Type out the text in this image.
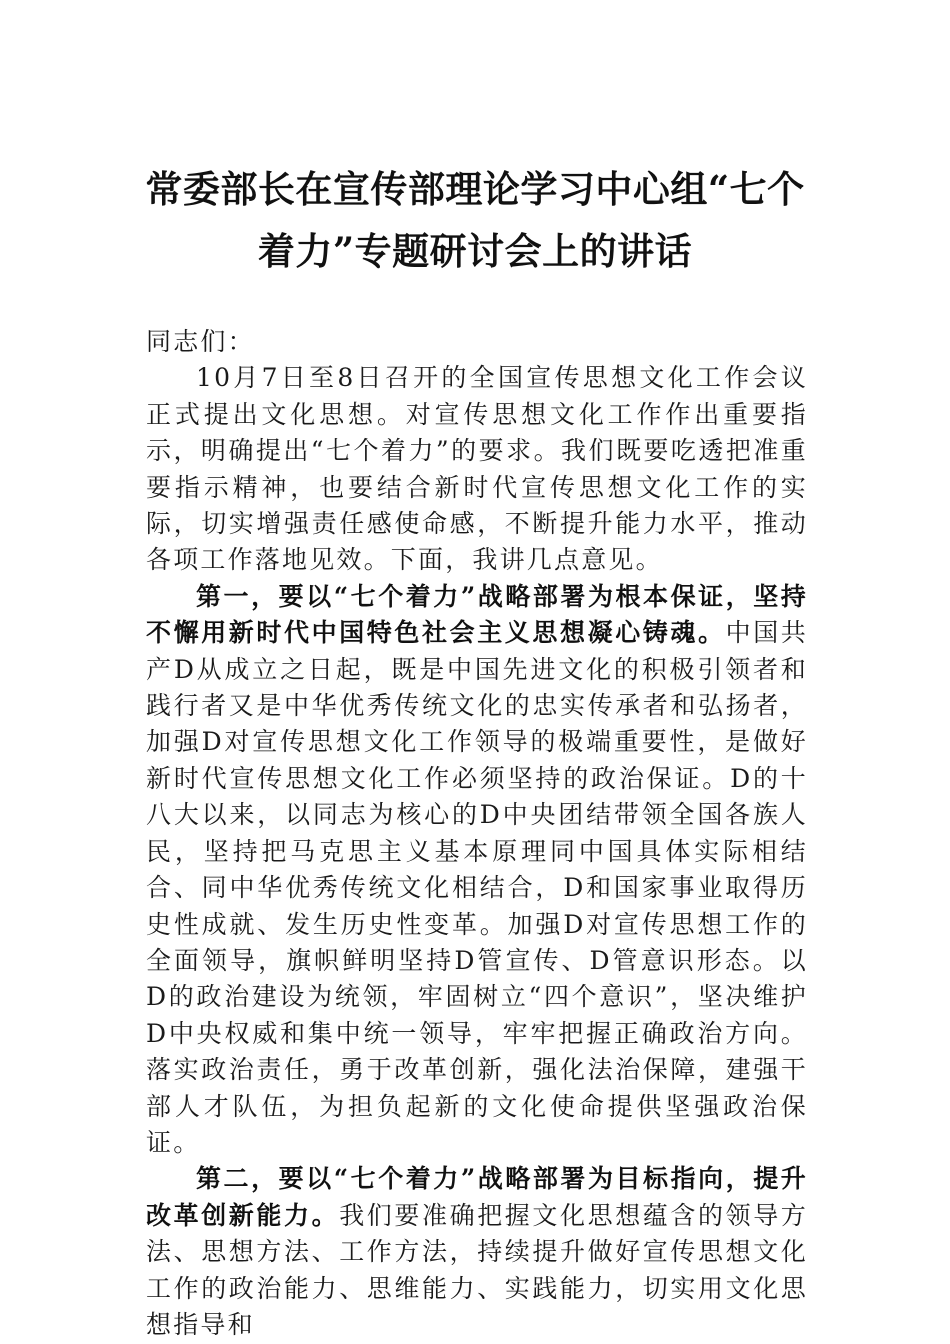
常委部长在宣传部理论学习中心组“七个
着力”专题研讨会上的讲话

同志们：

10月7日至8日召开的全国宣传思想文化工作会议正式提出文化思想。对宣传思想文化工作作出重要指示，明确提出“七个着力”的要求。我们既要吃透把准重要指示精神，也要结合新时代宣传思想文化工作的实际，切实增强责任感使命感，不断提升能力水平，推动各项工作落地见效。下面，我讲几点意见。

第一，要以“七个着力”战略部署为根本保证，坚持不懈用新时代中国特色社会主义思想凝心铸魂。中国共产D从成立之日起，既是中国先进文化的积极引领者和践行者又是中华优秀传统文化的忠实传承者和弘扬者，加强D对宣传思想文化工作领导的极端重要性，是做好新时代宣传思想文化工作必须坚持的政治保证。D的十八大以来，以同志为核心的D中央团结带领全国各族人民，坚持把马克思主义基本原理同中国具体实际相结合、同中华优秀传统文化相结合，D和国家事业取得历史性成就、发生历史性变革。加强D对宣传思想工作的全面领导，旗帜鲜明坚持D管宣传、D管意识形态。以D的政治建设为统领，牢固树立“四个意识”，坚决维护D中央权威和集中统一领导，牢牢把握正确政治方向。落实政治责任，勇于改革创新，强化法治保障，建强干部人才队伍，为担负起新的文化使命提供坚强政治保证。

第二，要以“七个着力”战略部署为目标指向，提升改革创新能力。我们要准确把握文化思想蕴含的领导方法、思想方法、工作方法，持续提升做好宣传思想文化工作的政治能力、思维能力、实践能力，切实用文化思想指导和
